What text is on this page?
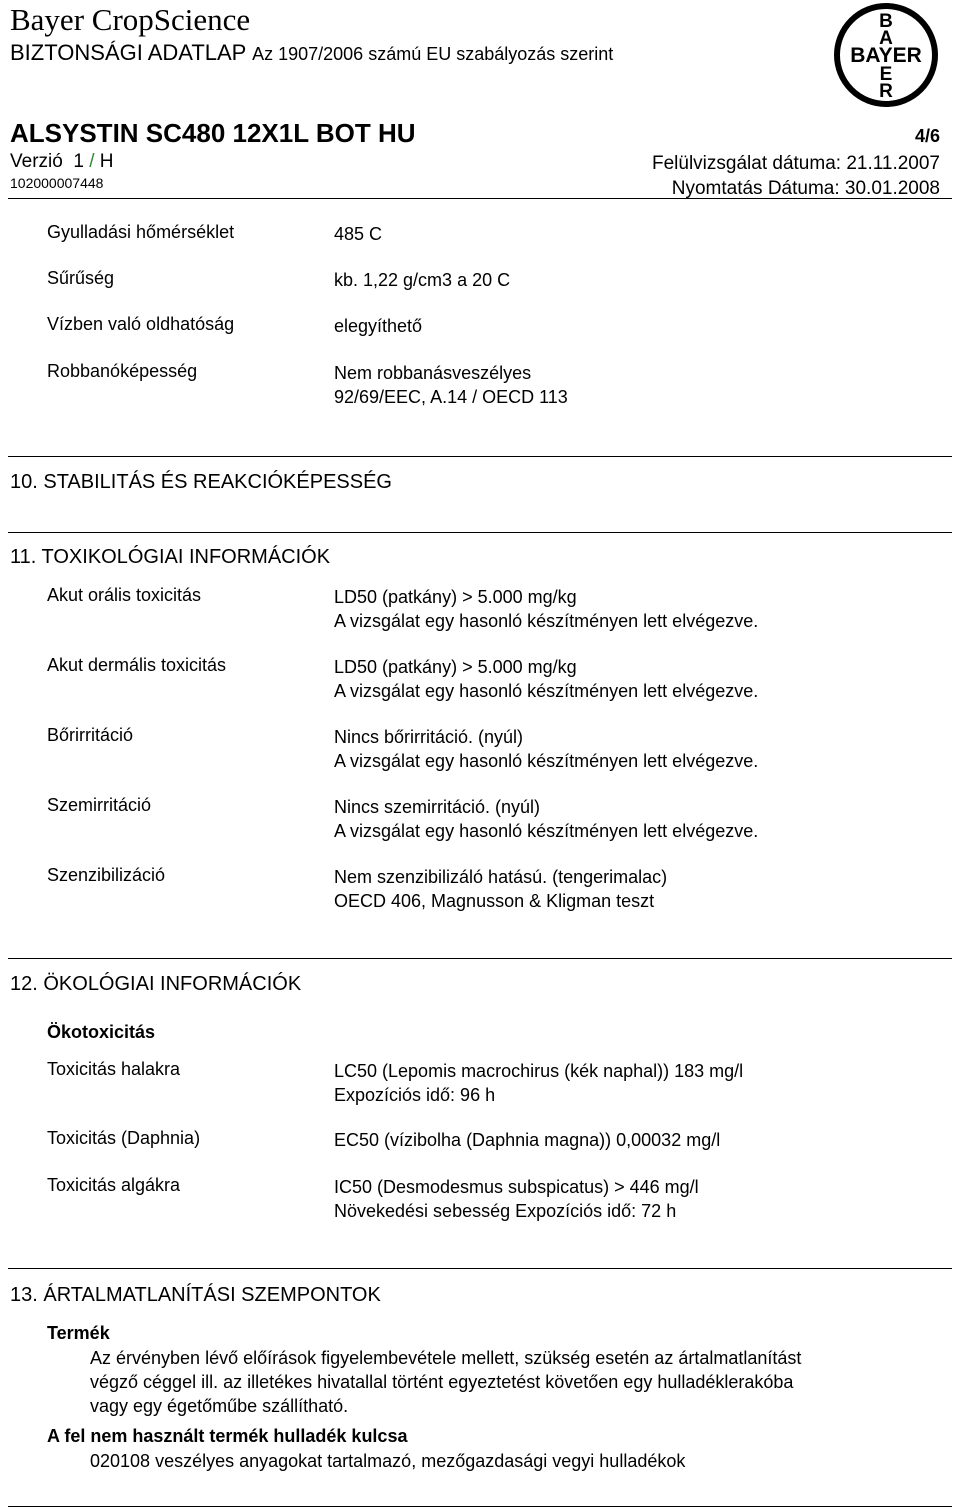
Bayer CropScience
BIZTONSÁGI ADATLAP Az 1907/2006 számú EU szabályozás szerint
B
A
BAYER
E
R
ALSYSTIN SC480 12X1L BOT HU	4/6
Verzió 1 / H
102000007448
Felülvizsgálat dátuma: 21.11.2007
Nyomtatás Dátuma: 30.01.2008
Gyulladási hőmérséklet	485 C
Sűrűség	kb. 1,22 g/cm3 a 20 C
Vízben való oldhatóság	elegyíthető
Robbanóképesség	Nem robbanásveszélyes
92/69/EEC, A.14 / OECD 113
10. STABILITÁS ÉS REAKCIÓKÉPESSÉG
11. TOXIKOLÓGIAI INFORMÁCIÓK
Akut orális toxicitás	LD50 (patkány) > 5.000 mg/kg
A vizsgálat egy hasonló készítményen lett elvégezve.
Akut dermális toxicitás	LD50 (patkány) > 5.000 mg/kg
A vizsgálat egy hasonló készítményen lett elvégezve.
Bőrirritáció	Nincs bőrirritáció. (nyúl)
A vizsgálat egy hasonló készítményen lett elvégezve.
Szemirritáció	Nincs szemirritáció. (nyúl)
A vizsgálat egy hasonló készítményen lett elvégezve.
Szenzibilizáció	Nem szenzibilizáló hatású. (tengerimalac)
OECD 406, Magnusson & Kligman teszt
12. ÖKOLÓGIAI INFORMÁCIÓK
Ökotoxicitás
Toxicitás halakra	LC50 (Lepomis macrochirus (kék naphal)) 183 mg/l
Expozíciós idő: 96 h
Toxicitás (Daphnia)	EC50 (vízibolha (Daphnia magna)) 0,00032 mg/l
Toxicitás algákra	IC50 (Desmodesmus subspicatus) > 446 mg/l
Növekedési sebesség Expozíciós idő: 72 h
13. ÁRTALMATLANÍTÁSI SZEMPONTOK
Termék
Az érvényben lévő előírások figyelembevétele mellett, szükség esetén az ártalmatlanítást
végző céggel ill. az illetékes hivatallal történt egyeztetést követően egy hulladéklerakóba
vagy egy égetőműbe szállítható.
A fel nem használt termék hulladék kulcsa
020108 veszélyes anyagokat tartalmazó, mezőgazdasági vegyi hulladékok
